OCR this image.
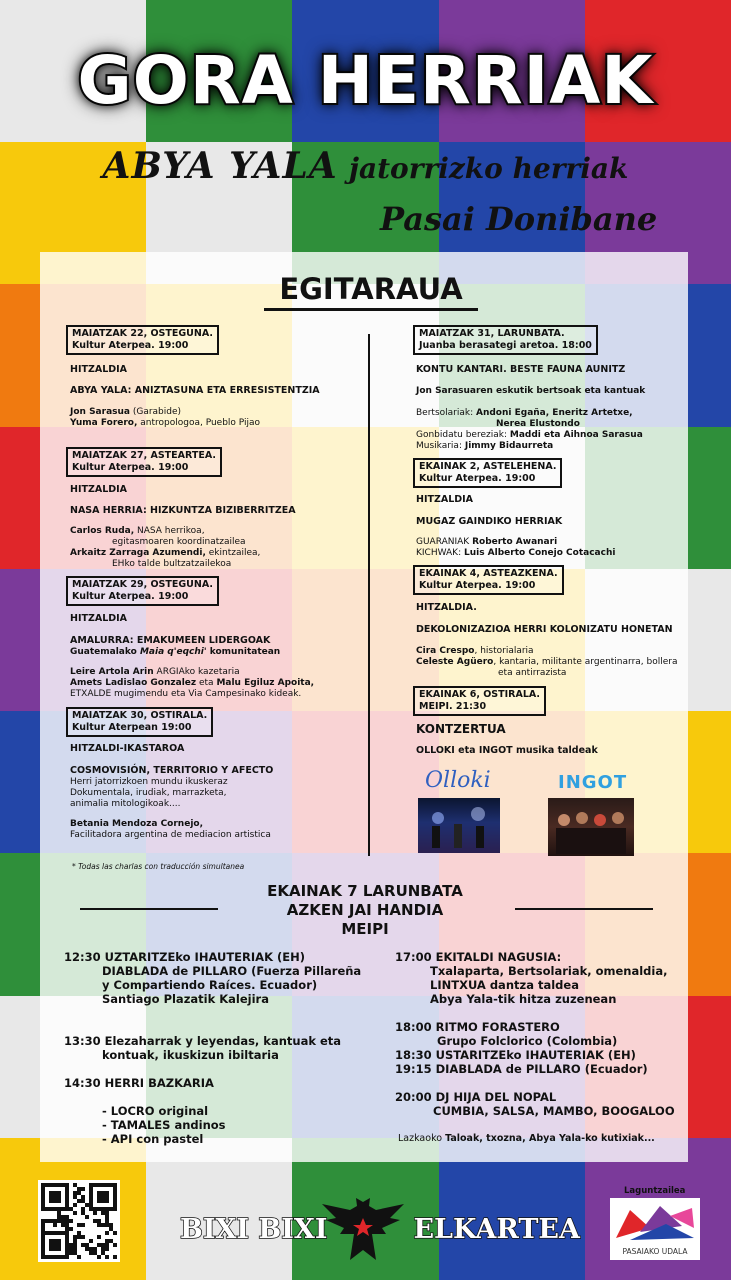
GORA HERRIAK
ABYA YALA jatorrizko herriak
Pasai Donibane
EGITARAUA
MAIATZAK 22, OSTEGUNA.
Kultur Aterpea. 19:00
HITZALDIA
ABYA YALA: ANIZTASUNA ETA ERRESISTENTZIA
Jon Sarasua (Garabide)
Yuma Forero, antropologoa, Pueblo Pijao
MAIATZAK 27, ASTEARTEA.
Kultur Aterpea. 19:00
HITZALDIA
NASA HERRIA: HIZKUNTZA BIZIBERRITZEA
Carlos Ruda, NASA herrikoa,
egitasmoaren koordinatzailea
Arkaitz Zarraga Azumendi, ekintzailea,
EHko talde bultzatzailekoa
MAIATZAK 29, OSTEGUNA.
Kultur Aterpea. 19:00
HITZALDIA
AMALURRA: EMAKUMEEN LIDERGOAK
Guatemalako Maia q'eqchi' komunitatean
Leire Artola Arin ARGIAko kazetaria
Amets Ladislao Gonzalez eta Malu Egiluz Apoita,
ETXALDE mugimendu eta Via Campesinako kideak.
MAIATZAK 30, OSTIRALA.
Kultur Aterpean 19:00
HITZALDI-IKASTAROA
COSMOVISIÓN, TERRITORIO Y AFECTO
Herri jatorrizkoen mundu ikuskeraz
Dokumentala, irudiak, marrazketa,
animalia mitologikoak....
Betania Mendoza Cornejo,
Facilitadora argentina de mediacion artistica
* Todas las charlas con traducción simultanea
MAIATZAK 31, LARUNBATA.
Juanba berasategi aretoa. 18:00
KONTU KANTARI. BESTE FAUNA AUNITZ
Jon Sarasuaren eskutik bertsoak eta kantuak
Bertsolariak: Andoni Egaña, Eneritz Artetxe,
Nerea Elustondo
Gonbidatu bereziak: Maddi eta Aihnoa Sarasua
Musikaria: Jimmy Bidaurreta
EKAINAK 2, ASTELEHENA.
Kultur Aterpea. 19:00
HITZALDIA
MUGAZ GAINDIKO HERRIAK
GUARANIAK Roberto Awanari
KICHWAK: Luis Alberto Conejo Cotacachi
EKAINAK 4, ASTEAZKENA.
Kultur Aterpea. 19:00
HITZALDIA.
DEKOLONIZAZIOA HERRI KOLONIZATU HONETAN
Cira Crespo, historialaria
Celeste Agüero, kantaria, militante argentinarra, bollera
eta antirrazista
EKAINAK 6, OSTIRALA.
MEIPI. 21:30
KONTZERTUA
OLLOKI eta INGOT musika taldeak
Olloki	INGOT
EKAINAK 7 LARUNBATA
AZKEN JAI HANDIA
MEIPI
12:30 UZTARITZEko IHAUTERIAK (EH)
DIABLADA de PILLARO (Fuerza Pillareña
y Compartiendo Raíces. Ecuador)
Santiago Plazatik Kalejira
13:30 Elezaharrak y leyendas, kantuak eta
kontuak, ikuskizun ibiltaria
14:30 HERRI BAZKARIA
- LOCRO original
- TAMALES andinos
- API con pastel
17:00 EKITALDI NAGUSIA:
Txalaparta, Bertsolariak, omenaldia,
LINTXUA dantza taldea
Abya Yala-tik hitza zuzenean
18:00 RITMO FORASTERO
Grupo Folclorico (Colombia)
18:30 USTARITZEko IHAUTERIAK (EH)
19:15 DIABLADA de PILLARO (Ecuador)
20:00 DJ HIJA DEL NOPAL
CUMBIA, SALSA, MAMBO, BOOGALOO
Lazkaoko Taloak, txozna, Abya Yala-ko kutixiak...
BIXI BIXI	ELKARTEA
Laguntzailea
PASAIAKO UDALA
